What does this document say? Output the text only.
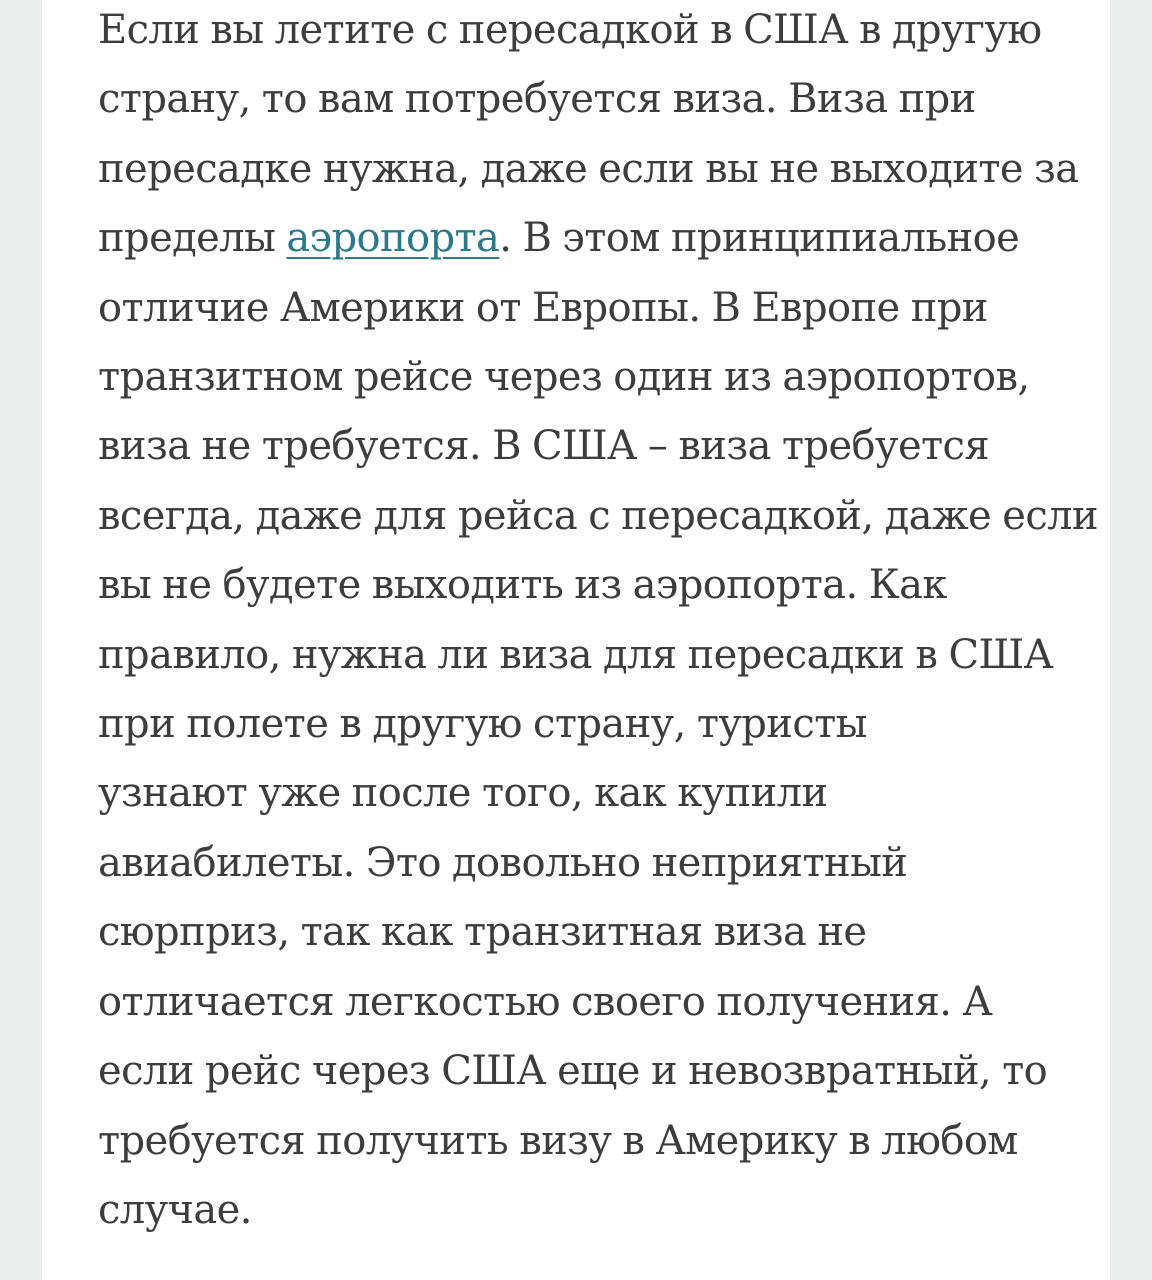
Если вы летите с пересадкой в США в другую
страну, то вам потребуется виза. Виза при
пересадке нужна, даже если вы не выходите за
пределы аэропорта. В этом принципиальное
отличие Америки от Европы. В Европе при
транзитном рейсе через один из аэропортов,
виза не требуется. В США – виза требуется
всегда, даже для рейса с пересадкой, даже если
вы не будете выходить из аэропорта. Как
правило, нужна ли виза для пересадки в США
при полете в другую страну, туристы
узнают уже после того, как купили
авиабилеты. Это довольно неприятный
сюрприз, так как транзитная виза не
отличается легкостью своего получения. А
если рейс через США еще и невозвратный, то
требуется получить визу в Америку в любом
случае.
